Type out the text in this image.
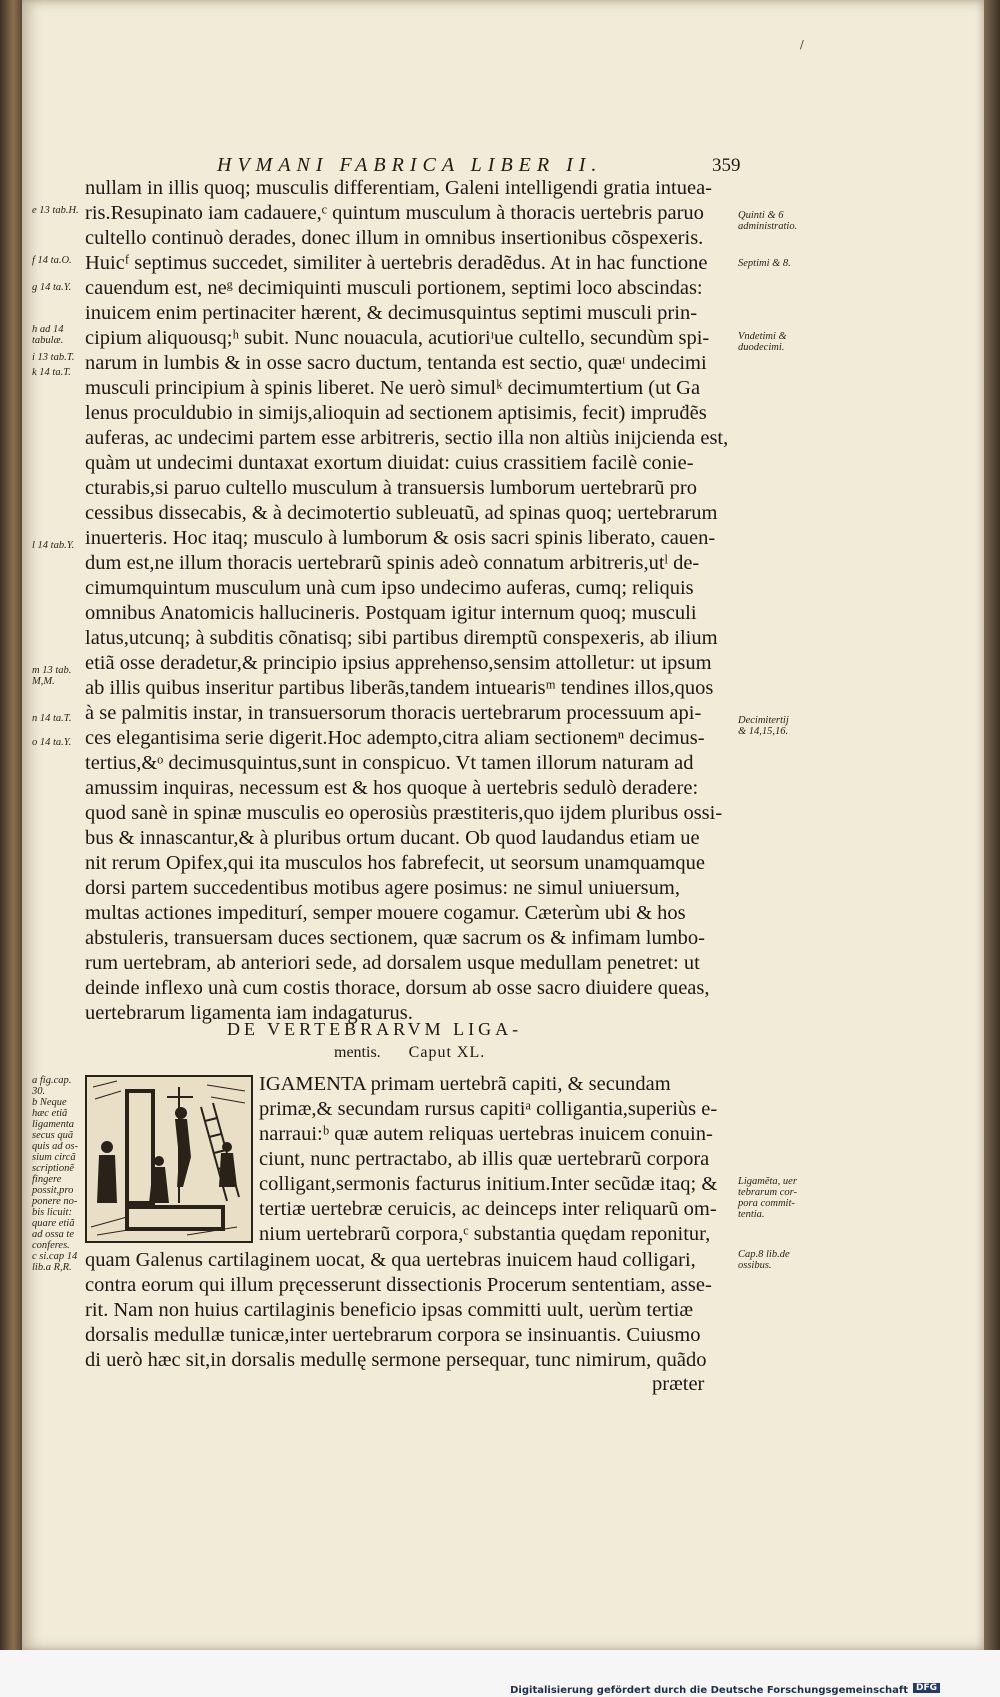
/
HVMANI FABRICA LIBER II.	359

nullam in illis quoq; musculis differentiam, Galeni intelligendi gratia intuea-

ris.Resupinato iam cadauere,ᶜ quintum musculum à thoracis uertebris paruo

cultello continuò derades, donec illum in omnibus insertionibus cõspexeris.

Huicᶠ septimus succedet, similiter à uertebris deradẽdus. At in hac functione

cauendum est, neᵍ decimiquinti musculi portionem, septimi loco abscindas:

inuicem enim pertinaciter hærent, & decimusquintus septimi musculi prin-

cipium aliquousq;ʰ subit. Nunc nouacula, acutioriᶦue cultello, secundùm spi-

narum in lumbis & in osse sacro ductum, tentanda est sectio, quæᶦ undecimi

musculi principium à spinis liberet. Ne uerò simulᵏ decimumtertium (ut Ga

lenus proculdubio in simijs,alioquin ad sectionem aptisimis, fecit) impruḋẽs

auferas, ac undecimi partem esse arbitreris, sectio illa non altiùs inijcienda est,

quàm ut undecimi duntaxat exortum diuidat: cuius crassitiem facilè conie-

cturabis,si paruo cultello musculum à transuersis lumborum uertebrarũ pro

cessibus dissecabis, & à decimotertio subleuatũ, ad spinas quoq; uertebrarum

inuerteris. Hoc itaq; musculo à lumborum & osis sacri spinis liberato, cauen-

dum est,ne illum thoracis uertebrarũ spinis adeò connatum arbitreris,utˡ de-

cimumquintum musculum unà cum ipso undecimo auferas, cumq; reliquis

omnibus Anatomicis hallucineris. Postquam igitur internum quoq; musculi

latus,utcunq; à subditis cõnatisq; sibi partibus diremptũ conspexeris, ab ilium

etiã osse deradetur,& principio ipsius apprehenso,sensim attolletur: ut ipsum

ab illis quibus inseritur partibus liberãs,tandem intuearisᵐ tendines illos,quos

à se palmitis instar, in transuersorum thoracis uertebrarum processuum api-

ces elegantisima serie digerit.Hoc adempto,citra aliam sectionemⁿ decimus-

tertius,&ᵒ decimusquintus,sunt in conspicuo. Vt tamen illorum naturam ad

amussim inquiras, necessum est & hos quoque à uertebris sedulò deradere:

quod sanè in spinæ musculis eo operosiùs præstiteris,quo ijdem pluribus ossi-

bus & innascantur,& à pluribus ortum ducant. Ob quod laudandus etiam ue

nit rerum Opifex,qui ita musculos hos fabrefecit, ut seorsum unamquamque

dorsi partem succedentibus motibus agere posimus: ne simul uniuersum,

multas actiones impediturí, semper mouere cogamur. Cæterùm ubi & hos

abstuleris, transuersam duces sectionem, quæ sacrum os & infimam lumbo-

rum uertebram, ab anteriori sede, ad dorsalem usque medullam penetret: ut

deinde inflexo unà cum costis thorace, dorsum ab osse sacro diuidere queas,

uertebrarum ligamenta iam indagaturus.

DE VERTEBRARVM LIGA-
mentis. Caput XL.

IGAMENTA primam uertebrã capiti, & secundam

primæ,& secundam rursus capitiᵃ colligantia,superiùs e-

narraui:ᵇ quæ autem reliquas uertebras inuicem conuin-

ciunt, nunc pertractabo, ab illis quæ uertebrarũ corpora

colligant,sermonis facturus initium.Inter secũdæ itaq; &

tertiæ uertebræ ceruicis, ac deinceps inter reliquarũ om-

nium uertebrarũ corpora,ᶜ substantia quędam reponitur,

quam Galenus cartilaginem uocat, & qua uertebras inuicem haud colligari,

contra eorum qui illum pręcesserunt dissectionis Procerum sententiam, asse-

rit. Nam non huius cartilaginis beneficio ipsas committi uult, uerùm tertiæ

dorsalis medullæ tunicæ,inter uertebrarum corpora se insinuantis. Cuiusmo

di uerò hæc sit,in dorsalis medullę sermone persequar, tunc nimirum, quãdo

præter

e 13 tab.H.

f 14 ta.O.

g 14 ta.Y.

h ad 14
tabulæ.

i 13 tab.T.

k 14 ta.T.

l 14 tab.Y.

m 13 tab.
M,M.

n 14 ta.T.

o 14 ta.Y.

a fig.cap.
30.
b Neque
hæc etiã
ligamenta
secus quã
quis ad os-
sium circã
scriptionẽ
fingere
possit,pro
ponere no-
bis licuit:
quare etiã
ad ossa te
conferes.
c si.cap 14
lib.a R,R.

Quinti & 6
administratio.

Septimi & 8.

Vndetimi &
duodecimi.

Decimitertij
& 14,15,16.

Ligamẽta, uer
tebrarum cor-
pora commit-
tentia.

Cap.8 lib.de
ossibus.

Digitalisierung gefördert durch die Deutsche Forschungsgemeinschaft DFG
